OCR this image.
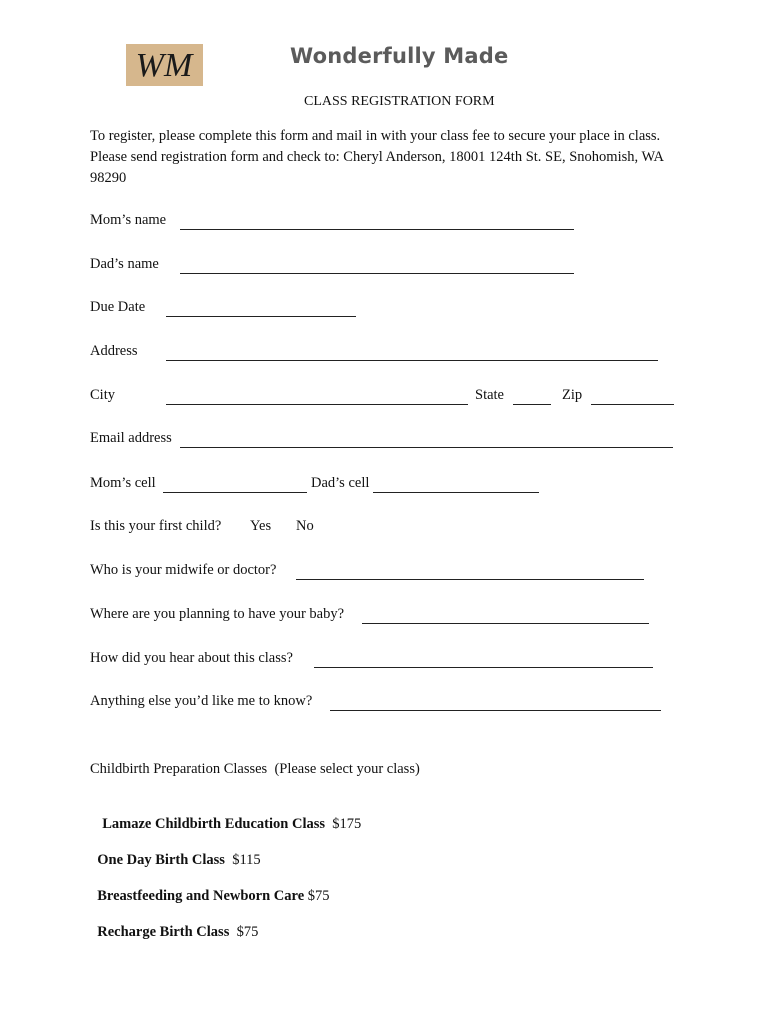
WM	Wonderfully Made
CLASS REGISTRATION FORM
To register, please complete this form and mail in with your class fee to secure your place in class. Please send registration form and check to: Cheryl Anderson, 18001 124th St. SE, Snohomish, WA 98290
Mom’s name
Dad’s name
Due Date
Address
City	State	Zip
Email address
Mom’s cell	Dad’s cell
Is this your first child? Yes No
Who is your midwife or doctor?
Where are you planning to have your baby?
How did you hear about this class?
Anything else you’d like me to know?
Childbirth Preparation Classes  (Please select your class)

Lamaze Childbirth Education Class $175

One Day Birth Class $115

Breastfeeding and Newborn Care $75

Recharge Birth Class $75
